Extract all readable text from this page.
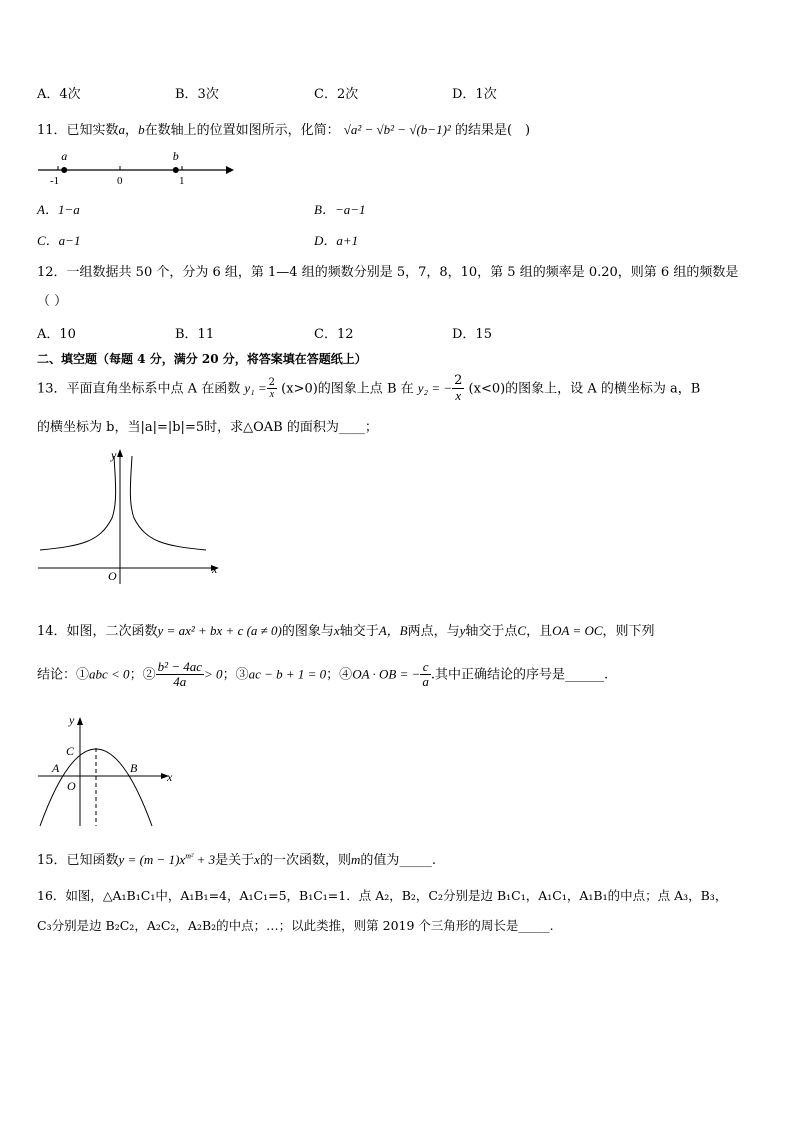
A．4次	B．3次	C．2次	D．1次
11．已知实数a，b在数轴上的位置如图所示，化简： √a² − √b² − √(b−1)² 的结果是(　)
a	b
-1	0	1
A．1−a	B．−a−1
C．a−1	D．a+1
12．一组数据共 50 个，分为 6 组，第 1—4 组的频数分别是 5，7，8，10，第 5 组的频率是 0.20，则第 6 组的频数是
（ ）
A．10	B．11	C．12	D．15
二、填空题（每题 4 分，满分 20 分，将答案填在答题纸上）
13．平面直角坐标系中点 A 在函数 $y_1 = \frac{2}{x} (x>0)$的图象上点 B 在 y₂ = − $\frac{2}{x} (x<0)$的图象上，设 A 的横坐标为 a，B
的横坐标为 b，当|a|=|b|=5时，求△OAB 的面积为____；
y
x
O
14．如图，二次函数y = ax² + bx + c (a ≠ 0)的图象与x轴交于A，B两点，与y轴交于点C，且OA = OC，则下列
结论：①abc < 0；② $\frac{\text{b² − 4ac}}{4a} > 0$；③ac − b + 1 = 0；④OA · OB = − $\frac{c}{a}$ .其中正确结论的序号是______.
y
x
C
A	B
O
15．已知函数$y = (m - 1)x^{m^2} + 3$是关于x的一次函数，则m的值为_____.
16．如图，△A₁B₁C₁中，A₁B₁=4，A₁C₁=5，B₁C₁=1．点 A₂，B₂，C₂分别是边 B₁C₁，A₁C₁，A₁B₁的中点；点 A₃，B₃，
C₃分别是边 B₂C₂，A₂C₂，A₂B₂的中点；…；以此类推，则第 2019 个三角形的周长是_____.
